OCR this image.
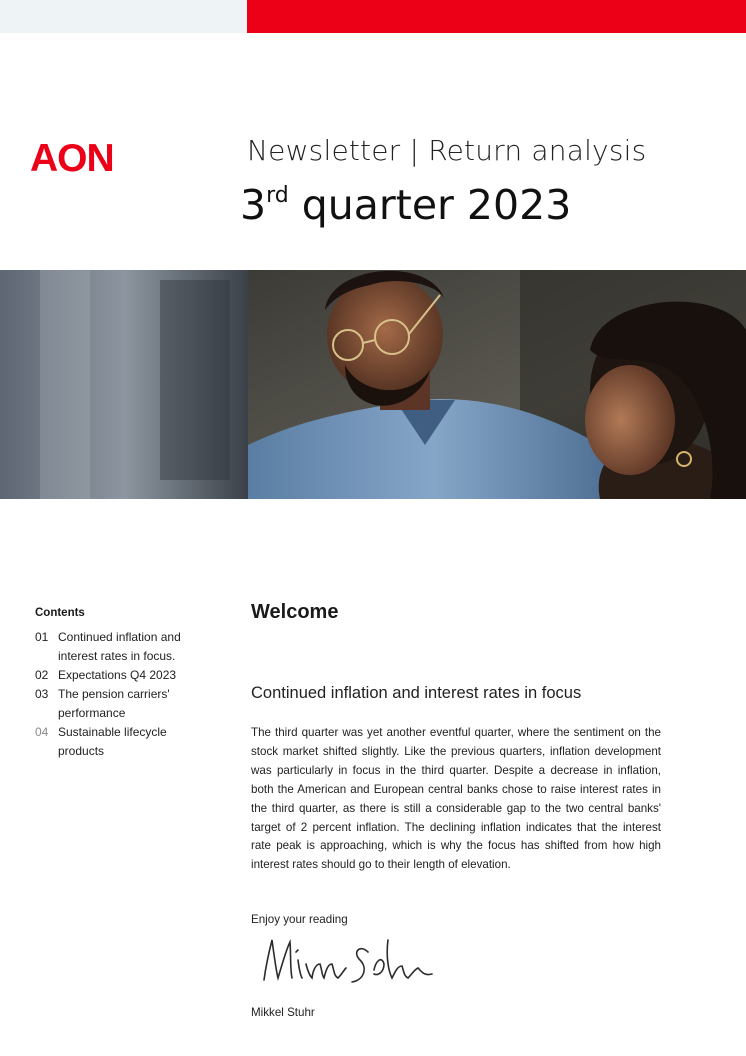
AON	Newsletter | Return analysis
3rd quarter 2023
Contents
01 Continued inflation and interest rates in focus.
02 Expectations Q4 2023
03 The pension carriers' performance
04 Sustainable lifecycle products
Welcome
Continued inflation and interest rates in focus

The third quarter was yet another eventful quarter, where the sentiment on the stock market shifted slightly. Like the previous quarters, inflation development was particularly in focus in the third quarter. Despite a decrease in inflation, both the American and European central banks chose to raise interest rates in the third quarter, as there is still a considerable gap to the two central banks' target of 2 percent inflation. The declining inflation indicates that the interest rate peak is approaching, which is why the focus has shifted from how high interest rates should go to their length of elevation.

Enjoy your reading
Mikkel Stuhr
